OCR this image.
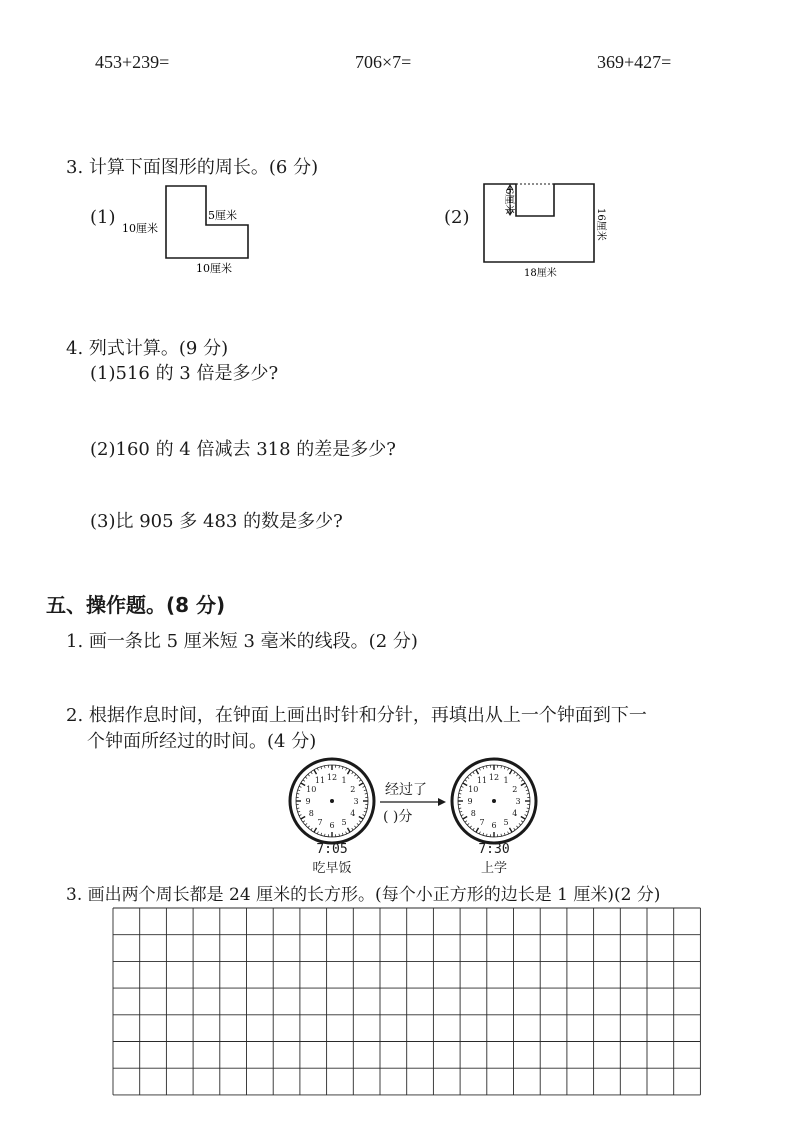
453+239=	706×7=	369+427=
3. 计算下面图形的周长。(6 分)
(1)
10厘米
5厘米
10厘米
(2)
6厘米
16厘米
18厘米
4. 列式计算。(9 分)
(1)516 的 3 倍是多少?
(2)160 的 4 倍减去 318 的差是多少?
(3)比 905 多 483 的数是多少?
五、操作题。(8 分)
1. 画一条比 5 厘米短 3 毫米的线段。(2 分)
2. 根据作息时间，在钟面上画出时针和分针，再填出从上一个钟面到下一
个钟面所经过的时间。(4 分)
12 1
2
3
4
5
6
7
8
9
10
11
7:05
吃早饭
经过了
( )分
12 1
2
3
4
5
6
7
8
9
10
11
7:30
上学
3. 画出两个周长都是 24 厘米的长方形。(每个小正方形的边长是 1 厘米)(2 分)
